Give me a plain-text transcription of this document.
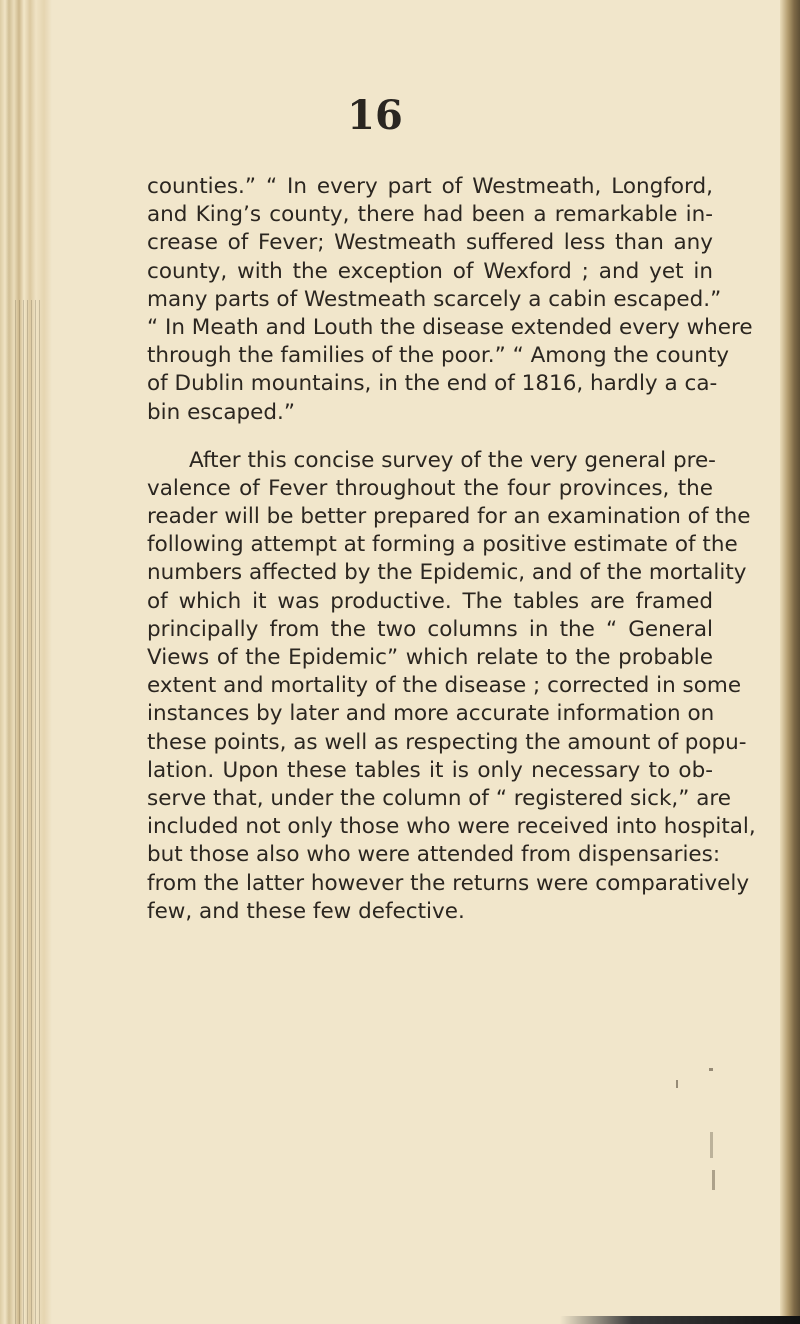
16
counties.” “ In every part of Westmeath, Longford,
and King’s county, there had been a remarkable in-
crease of Fever; Westmeath suffered less than any
county, with the exception of Wexford ; and yet in
many parts of Westmeath scarcely a cabin escaped.”
“ In Meath and Louth the disease extended every where
through the families of the poor.” “ Among the county
of Dublin mountains, in the end of 1816, hardly a ca-
bin escaped.”
After this concise survey of the very general pre-
valence of Fever throughout the four provinces, the
reader will be better prepared for an examination of the
following attempt at forming a positive estimate of the
numbers affected by the Epidemic, and of the mortality
of which it was productive. The tables are framed
principally from the two columns in the “ General
Views of the Epidemic” which relate to the probable
extent and mortality of the disease ; corrected in some
instances by later and more accurate information on
these points, as well as respecting the amount of popu-
lation. Upon these tables it is only necessary to ob-
serve that, under the column of “ registered sick,” are
included not only those who were received into hospital,
but those also who were attended from dispensaries:
from the latter however the returns were comparatively
few, and these few defective.
